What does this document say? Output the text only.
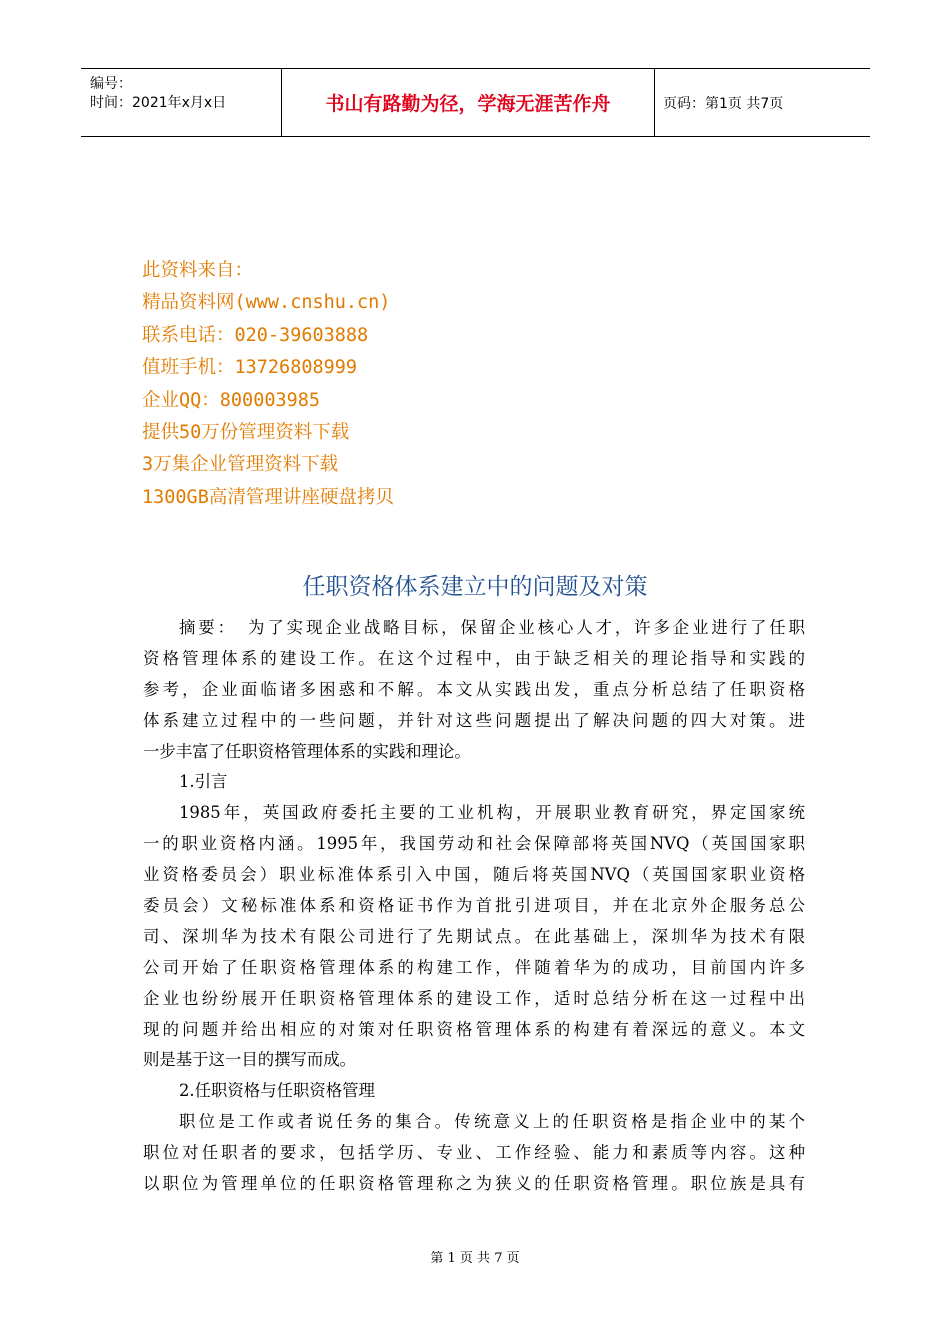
编号：
时间：2021年x月x日	书山有路勤为径，学海无涯苦作舟	页码：第1页 共7页
此资料来自：
精品资料网(www.cnshu.cn)
联系电话：020-39603888
值班手机：13726808999
企业QQ：800003985
提供50万份管理资料下载
3万集企业管理资料下载
1300GB高清管理讲座硬盘拷贝
任职资格体系建立中的问题及对策
摘要：　为了实现企业战略目标，保留企业核心人才，许多企业进行了任职
资格管理体系的建设工作。在这个过程中，由于缺乏相关的理论指导和实践的
参考，企业面临诸多困惑和不解。本文从实践出发，重点分析总结了任职资格
体系建立过程中的一些问题，并针对这些问题提出了解决问题的四大对策。进
一步丰富了任职资格管理体系的实践和理论。
1.引言
1985年，英国政府委托主要的工业机构，开展职业教育研究，界定国家统
一的职业资格内涵。1995年，我国劳动和社会保障部将英国NVQ（英国国家职
业资格委员会）职业标准体系引入中国，随后将英国NVQ（英国国家职业资格
委员会）文秘标准体系和资格证书作为首批引进项目，并在北京外企服务总公
司、深圳华为技术有限公司进行了先期试点。在此基础上，深圳华为技术有限
公司开始了任职资格管理体系的构建工作，伴随着华为的成功，目前国内许多
企业也纷纷展开任职资格管理体系的建设工作，适时总结分析在这一过程中出
现的问题并给出相应的对策对任职资格管理体系的构建有着深远的意义。本文
则是基于这一目的撰写而成。
2.任职资格与任职资格管理
职位是工作或者说任务的集合。传统意义上的任职资格是指企业中的某个
职位对任职者的要求，包括学历、专业、工作经验、能力和素质等内容。这种
以职位为管理单位的任职资格管理称之为狭义的任职资格管理。职位族是具有
第 1 页 共 7 页
